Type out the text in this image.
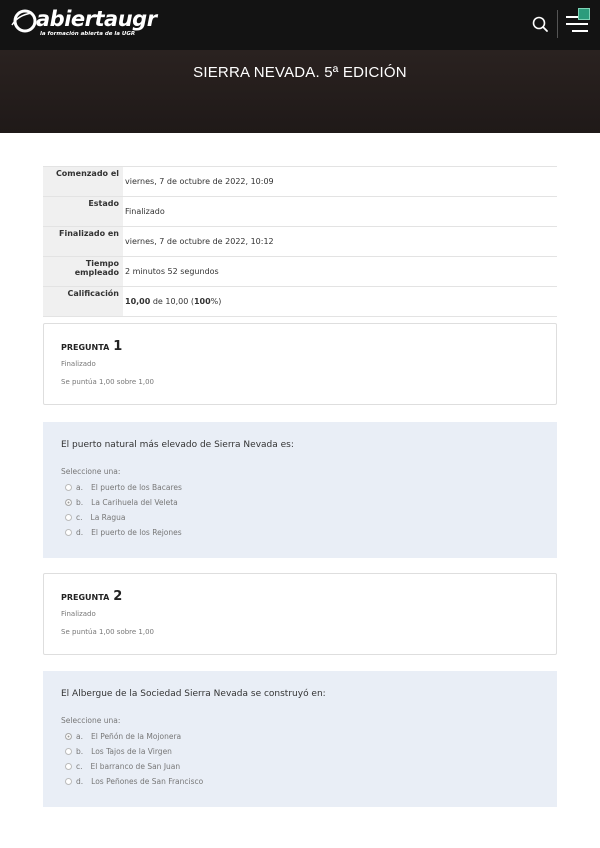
abiertaugr
la formación abierta de la UGR
SIERRA NEVADA. 5ª EDICIÓN
Comenzado el
viernes, 7 de octubre de 2022, 10:09
Estado
Finalizado
Finalizado en
viernes, 7 de octubre de 2022, 10:12
Tiempo empleado 2 minutos 52 segundos
Calificación
10,00 de 10,00 (100%)
PREGUNTA 1
Finalizado
Se puntúa 1,00 sobre 1,00
El puerto natural más elevado de Sierra Nevada es:
Seleccione una:
a. El puerto de los Bacares
b. La Carihuela del Veleta
c. La Ragua
d. El puerto de los Rejones
PREGUNTA 2
Finalizado
Se puntúa 1,00 sobre 1,00
El Albergue de la Sociedad Sierra Nevada se construyó en:
Seleccione una:
a. El Peñón de la Mojonera
b. Los Tajos de la Virgen
c. El barranco de San Juan
d. Los Peñones de San Francisco
